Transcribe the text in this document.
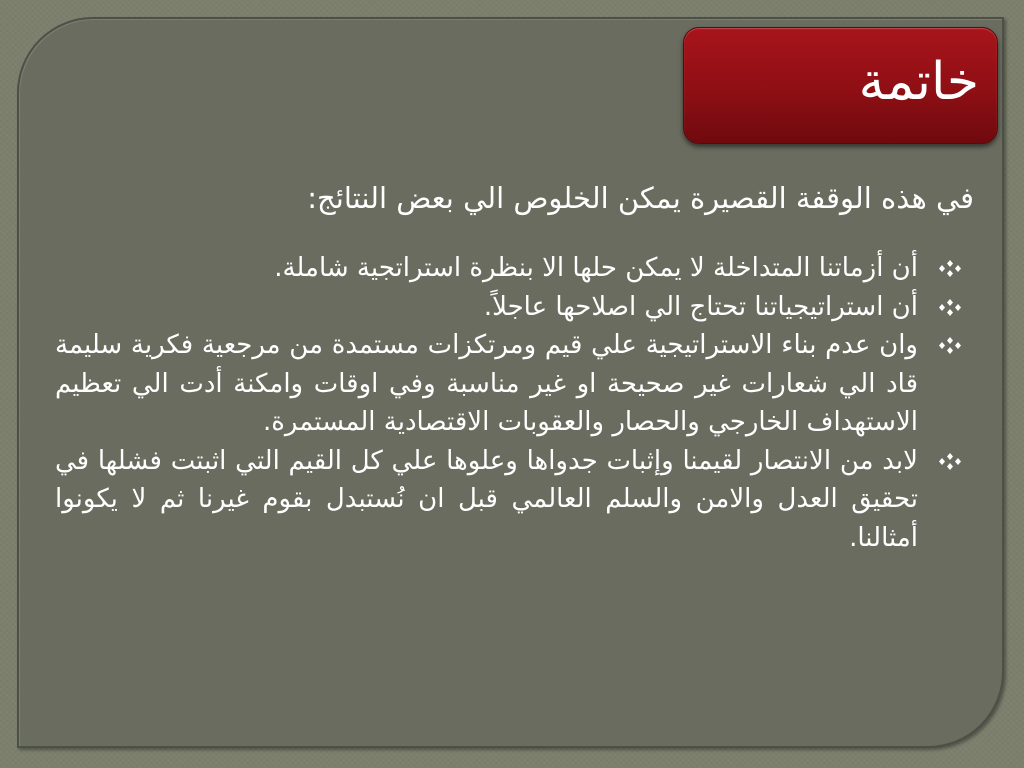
خاتمة

في هذه الوقفة القصيرة يمكن الخلوص الي بعض النتائج:

أن أزماتنا المتداخلة لا يمكن حلها الا بنظرة استراتجية شاملة.
أن استراتيجياتنا تحتاج الي اصلاحها عاجلاً.
وان عدم بناء الاستراتيجية علي قيم ومرتكزات مستمدة من مرجعية فكرية سليمة قاد الي شعارات غير صحيحة او غير مناسبة وفي اوقات وامكنة أدت الي تعظيم الاستهداف الخارجي والحصار والعقوبات الاقتصادية المستمرة.
لابد من الانتصار لقيمنا وإثبات جدواها وعلوها علي كل القيم التي اثبتت فشلها في تحقيق العدل والامن والسلم العالمي قبل ان نُستبدل بقوم غيرنا ثم لا يكونوا أمثالنا.
